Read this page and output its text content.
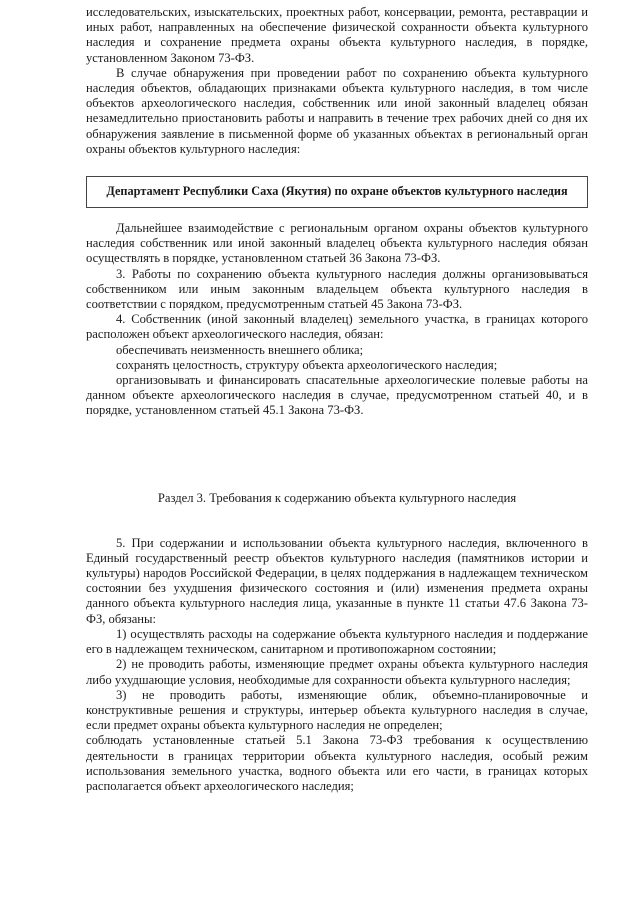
исследовательских, изыскательских, проектных работ, консервации, ремонта, реставрации и иных работ, направленных на обеспечение физической сохранности объекта культурного наследия и сохранение предмета охраны объекта культурного наследия, в порядке, установленном Законом 73-ФЗ.

В случае обнаружения при проведении работ по сохранению объекта культурного наследия объектов, обладающих признаками объекта культурного наследия, в том числе объектов археологического наследия, собственник или иной законный владелец обязан незамедлительно приостановить работы и направить в течение трех рабочих дней со дня их обнаружения заявление в письменной форме об указанных объектах в региональный орган охраны объектов культурного наследия:

Департамент Республики Саха (Якутия) по охране объектов культурного наследия

Дальнейшее взаимодействие с региональным органом охраны объектов культурного наследия собственник или иной законный владелец объекта культурного наследия обязан осуществлять в порядке, установленном статьей 36 Закона 73-ФЗ.

3. Работы по сохранению объекта культурного наследия должны организовываться собственником или иным законным владельцем объекта культурного наследия в соответствии с порядком, предусмотренным статьей 45 Закона 73-ФЗ.

4. Собственник (иной законный владелец) земельного участка, в границах которого расположен объект археологического наследия, обязан:

обеспечивать неизменность внешнего облика;

сохранять целостность, структуру объекта археологического наследия;

организовывать и финансировать спасательные археологические полевые работы на данном объекте археологического наследия в случае, предусмотренном статьей 40, и в порядке, установленном статьей 45.1 Закона 73-ФЗ.

Раздел 3. Требования к содержанию объекта культурного наследия

5. При содержании и использовании объекта культурного наследия, включенного в Единый государственный реестр объектов культурного наследия (памятников истории и культуры) народов Российской Федерации, в целях поддержания в надлежащем техническом состоянии без ухудшения физического состояния и (или) изменения предмета охраны данного объекта культурного наследия лица, указанные в пункте 11 статьи 47.6 Закона 73-ФЗ, обязаны:

1) осуществлять расходы на содержание объекта культурного наследия и поддержание его в надлежащем техническом, санитарном и противопожарном состоянии;

2) не проводить работы, изменяющие предмет охраны объекта культурного наследия либо ухудшающие условия, необходимые для сохранности объекта культурного наследия;

3) не проводить работы, изменяющие облик, объемно-планировочные и конструктивные решения и структуры, интерьер объекта культурного наследия в случае, если предмет охраны объекта культурного наследия не определен;

соблюдать установленные статьей 5.1 Закона 73-ФЗ требования к осуществлению деятельности в границах территории объекта культурного наследия, особый режим использования земельного участка, водного объекта или его части, в границах которых располагается объект археологического наследия;
